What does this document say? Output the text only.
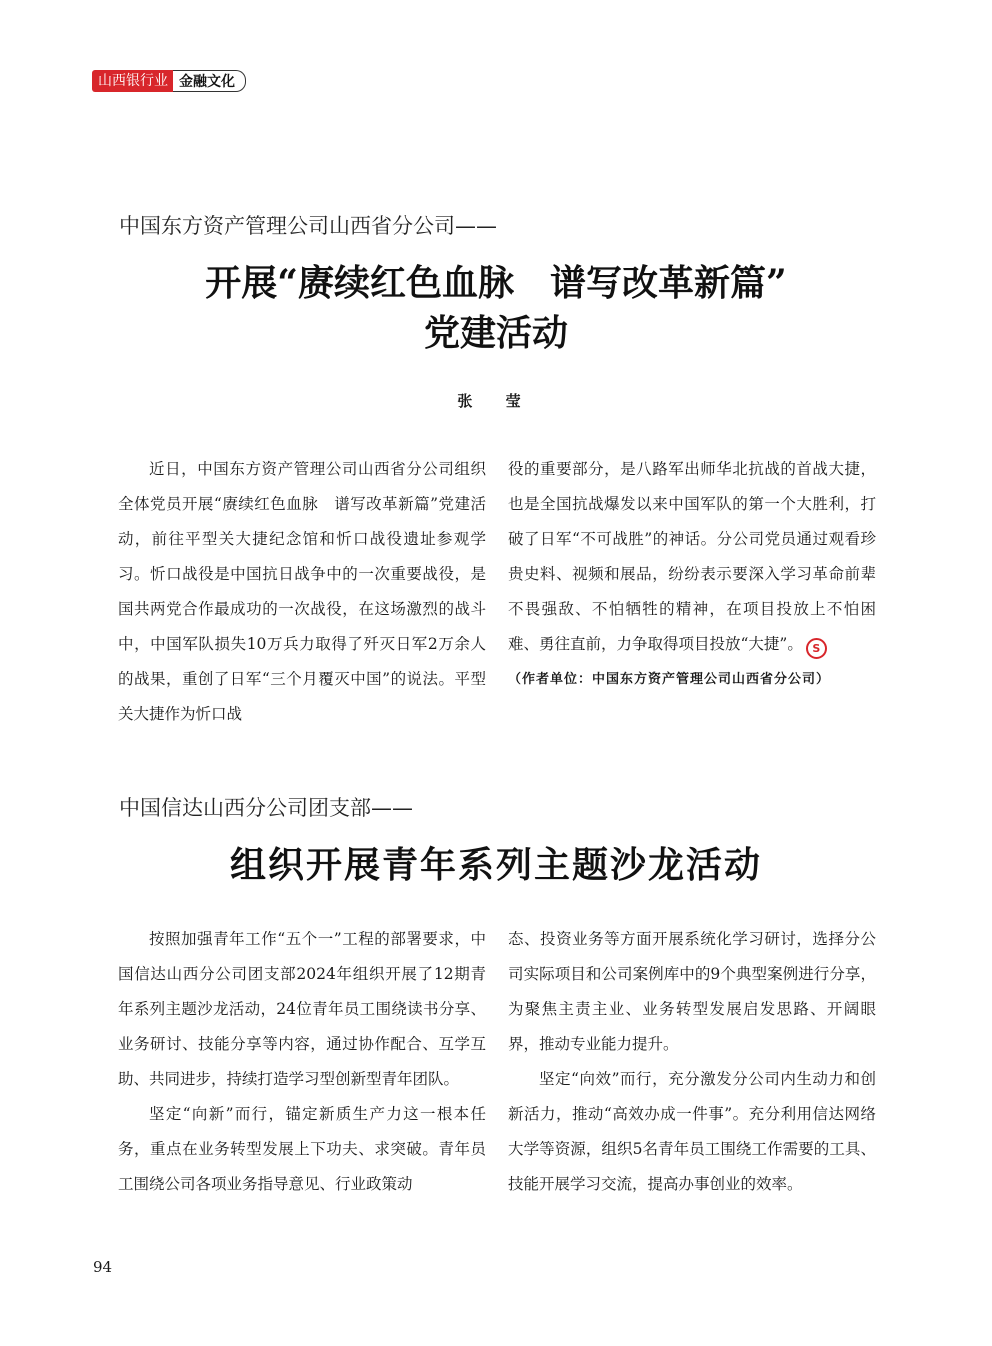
山西银行业 金融文化
中国东方资产管理公司山西省分公司——
开展“赓续红色血脉　谱写改革新篇”
党建活动
张 莹

近日，中国东方资产管理公司山西省分公司组织全体党员开展“赓续红色血脉　谱写改革新篇”党建活动，前往平型关大捷纪念馆和忻口战役遗址参观学习。忻口战役是中国抗日战争中的一次重要战役，是国共两党合作最成功的一次战役，在这场激烈的战斗中，中国军队损失10万兵力取得了歼灭日军2万余人的战果，重创了日军“三个月覆灭中国”的说法。平型关大捷作为忻口战

役的重要部分，是八路军出师华北抗战的首战大捷，也是全国抗战爆发以来中国军队的第一个大胜利，打破了日军“不可战胜”的神话。分公司党员通过观看珍贵史料、视频和展品，纷纷表示要深入学习革命前辈不畏强敌、不怕牺牲的精神，在项目投放上不怕困难、勇往直前，力争取得项目投放“大捷”。 S

（作者单位：中国东方资产管理公司山西省分公司）

中国信达山西分公司团支部——
组织开展青年系列主题沙龙活动

按照加强青年工作“五个一”工程的部署要求，中国信达山西分公司团支部2024年组织开展了12期青年系列主题沙龙活动，24位青年员工围绕读书分享、业务研讨、技能分享等内容，通过协作配合、互学互助、共同进步，持续打造学习型创新型青年团队。

坚定“向新”而行，锚定新质生产力这一根本任务，重点在业务转型发展上下功夫、求突破。青年员工围绕公司各项业务指导意见、行业政策动

态、投资业务等方面开展系统化学习研讨，选择分公司实际项目和公司案例库中的9个典型案例进行分享，为聚焦主责主业、业务转型发展启发思路、开阔眼界，推动专业能力提升。

坚定“向效”而行，充分激发分公司内生动力和创新活力，推动“高效办成一件事”。充分利用信达网络大学等资源，组织5名青年员工围绕工作需要的工具、技能开展学习交流，提高办事创业的效率。

94
